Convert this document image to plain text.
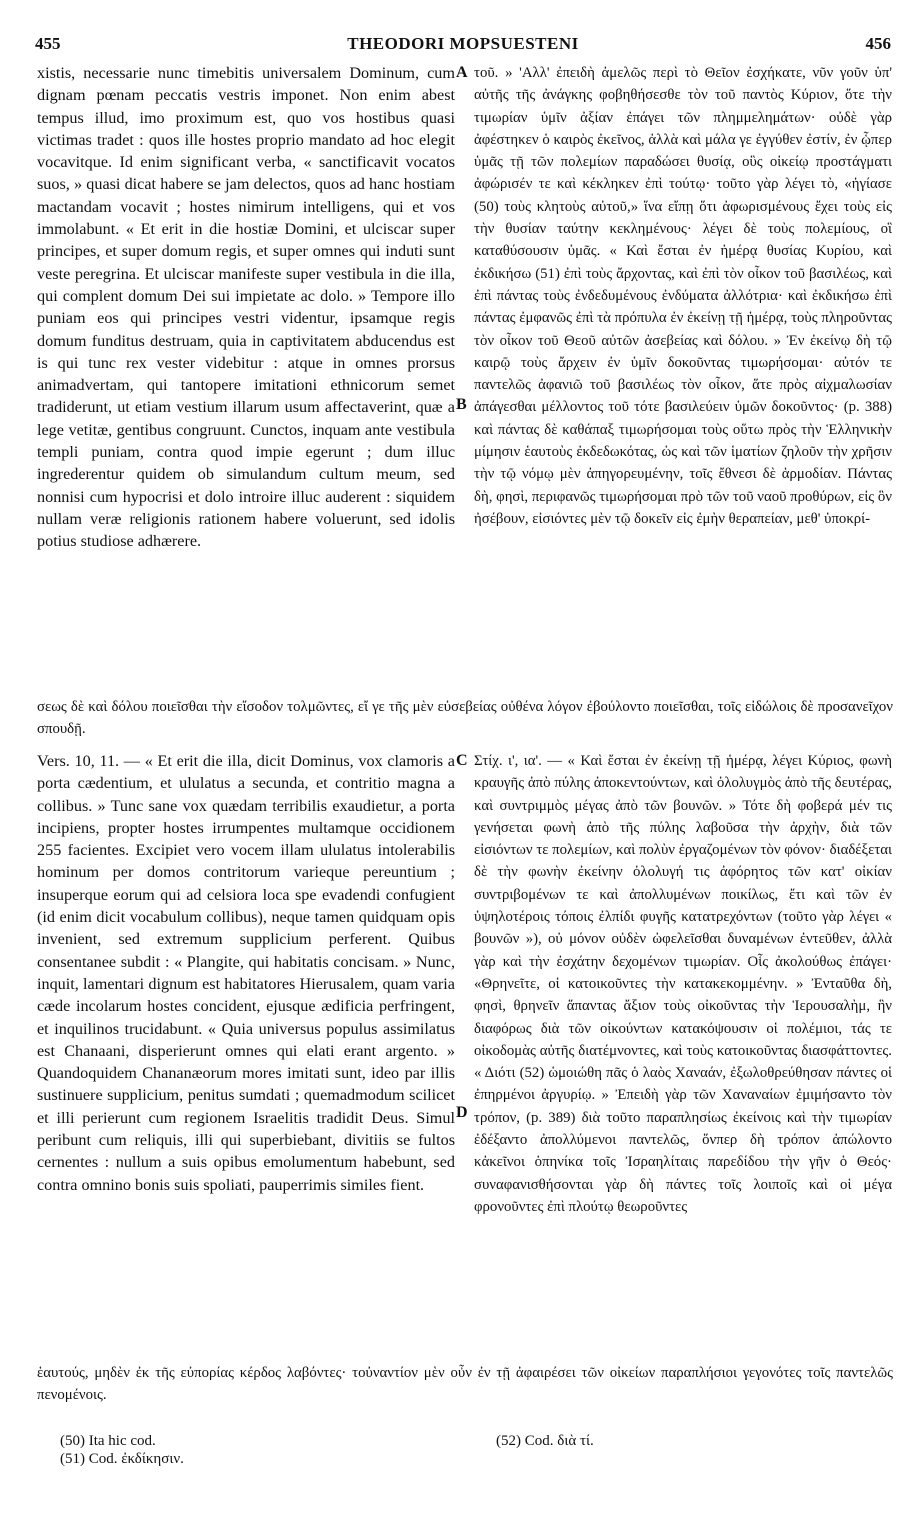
455	THEODORI MOPSUESTENI	456
xistis, necessarie nunc timebitis universalem Dominum, cum dignam pœnam peccatis vestris imponet. Non enim abest tempus illud, imo proximum est, quo vos hostibus quasi victimas tradet : quos ille hostes proprio mandato ad hoc elegit vocavitque. Id enim significant verba, « sanctificavit vocatos suos, » quasi dicat habere se jam delectos, quos ad hanc hostiam mactandam vocavit ; hostes nimirum intelligens, qui et vos immolabunt. « Et erit in die hostiæ Domini, et ulciscar super principes, et super domum regis, et super omnes qui induti sunt veste peregrina. Et ulciscar manifeste super vestibula in die illa, qui complent domum Dei sui impietate ac dolo. » Tempore illo puniam eos qui principes vestri videntur, ipsamque regis domum funditus destruam, quia in captivitatem abducendus est is qui tunc rex vester videbitur : atque in omnes prorsus animadvertam, qui tantopere imitationi ethnicorum semet tradiderunt, ut etiam vestium illarum usum affectaverint, quæ a lege vetitæ, gentibus congruunt. Cunctos, inquam ante vestibula templi puniam, contra quod impie egerunt ; dum illuc ingrederentur quidem ob simulandum cultum meum, sed nonnisi cum hypocrisi et dolo introire illuc auderent : siquidem nullam veræ religionis rationem habere voluerunt, sed idolis potius studiose adhærere.
τοῦ. » 'Αλλ' ἐπειδὴ ἀμελῶς περὶ τὸ Θεῖον ἐσχήκατε, νῦν γοῦν ὑπ' αὐτῆς τῆς ἀνάγκης φοβηθήσεσθε τὸν τοῦ παντὸς Κύριον, ὅτε τὴν τιμωρίαν ὑμῖν ἀξίαν ἐπάγει τῶν πλημμελημάτων· οὐδὲ γὰρ ἀφέστηκεν ὁ καιρὸς ἐκεῖνος, ἀλλὰ καὶ μάλα γε ἐγγύθεν ἐστίν, ἐν ᾧπερ ὑμᾶς τῇ τῶν πολεμίων παραδώσει θυσίᾳ, οὓς οἰκείῳ προστάγματι ἀφώρισέν τε καὶ κέκληκεν ἐπὶ τούτῳ· τοῦτο γὰρ λέγει τὸ, «ἡγίασε (50) τοὺς κλητοὺς αὐτοῦ,» ἵνα εἴπῃ ὅτι ἀφωρισμένους ἔχει τοὺς εἰς τὴν θυσίαν ταύτην κεκλημένους· λέγει δὲ τοὺς πολεμίους, οἳ καταθύσουσιν ὑμᾶς. « Καὶ ἔσται ἐν ἡμέρᾳ θυσίας Κυρίου, καὶ ἐκδικήσω (51) ἐπὶ τοὺς ἄρχοντας, καὶ ἐπὶ τὸν οἶκον τοῦ βασιλέως, καὶ ἐπὶ πάντας τοὺς ἐνδεδυμένους ἐνδύματα ἀλλότρια· καὶ ἐκδικήσω ἐπὶ πάντας ἐμφανῶς ἐπὶ τὰ πρόπυλα ἐν ἐκείνῃ τῇ ἡμέρᾳ, τοὺς πληροῦντας τὸν οἶκον τοῦ Θεοῦ αὐτῶν ἀσεβείας καὶ δόλου. » Ἐν ἐκείνῳ δὴ τῷ καιρῷ τοὺς ἄρχειν ἐν ὑμῖν δοκοῦντας τιμωρήσομαι· αὐτόν τε παντελῶς ἀφανιῶ τοῦ βασιλέως τὸν οἶκον, ἅτε πρὸς αἰχμαλωσίαν ἀπάγεσθαι μέλλοντος τοῦ τότε βασιλεύειν ὑμῶν δοκοῦντος· (p. 388) καὶ πάντας δὲ καθάπαξ τιμωρήσομαι τοὺς οὕτω πρὸς τὴν Ἑλληνικὴν μίμησιν ἑαυτοὺς ἐκδεδωκότας, ὡς καὶ τῶν ἱματίων ζηλοῦν τὴν χρῆσιν τὴν τῷ νόμῳ μὲν ἀπηγορευμένην, τοῖς ἔθνεσι δὲ ἁρμοδίαν. Πάντας δὴ, φησὶ, περιφανῶς τιμωρήσομαι πρὸ τῶν τοῦ ναοῦ προθύρων, εἰς ὃν ἠσέβουν, εἰσιόντες μὲν τῷ δοκεῖν εἰς ἐμὴν θεραπείαν, μεθ' ὑποκρί-
σεως δὲ καὶ δόλου ποιεῖσθαι τὴν εἴσοδον τολμῶντες, εἴ γε τῆς μὲν εὐσεβείας οὐθένα λόγον ἐβούλοντο ποιεῖσθαι, τοῖς εἰδώλοις δὲ προσανεῖχον σπουδῇ.
Vers. 10, 11. — « Et erit die illa, dicit Dominus, vox clamoris a porta cædentium, et ululatus a secunda, et contritio magna a collibus. » Tunc sane vox quædam terribilis exaudietur, a porta incipiens, propter hostes irrumpentes multamque occidionem 255 facientes. Excipiet vero vocem illam ululatus intolerabilis hominum per domos contritorum varieque pereuntium ; insuperque eorum qui ad celsiora loca spe evadendi confugient (id enim dicit vocabulum collibus), neque tamen quidquam opis invenient, sed extremum supplicium perferent. Quibus consentanee subdit : « Plangite, qui habitatis concisam. » Nunc, inquit, lamentari dignum est habitatores Hierusalem, quam varia cæde incolarum hostes concident, ejusque ædificia perfringent, et inquilinos trucidabunt. « Quia universus populus assimilatus est Chanaani, disperierunt omnes qui elati erant argento. » Quandoquidem Chananæorum mores imitati sunt, ideo par illis sustinuere supplicium, penitus sumdati ; quemadmodum scilicet et illi perierunt cum regionem Israelitis tradidit Deus. Simul peribunt cum reliquis, illi qui superbiebant, divitiis se fultos cernentes : nullum a suis opibus emolumentum habebunt, sed contra omnino bonis suis spoliati, pauperrimis similes fient.
Στίχ. ι', ια'. — « Καὶ ἔσται ἐν ἐκείνῃ τῇ ἡμέρᾳ, λέγει Κύριος, φωνὴ κραυγῆς ἀπὸ πύλης ἀποκεντούντων, καὶ ὀλολυγμὸς ἀπὸ τῆς δευτέρας, καὶ συντριμμὸς μέγας ἀπὸ τῶν βουνῶν. » Τότε δὴ φοβερά μέν τις γενήσεται φωνὴ ἀπὸ τῆς πύλης λαβοῦσα τὴν ἀρχὴν, διὰ τῶν εἰσιόντων τε πολεμίων, καὶ πολὺν ἐργαζομένων τὸν φόνον· διαδέξεται δὲ τὴν φωνὴν ἐκείνην ὀλολυγή τις ἀφόρητος τῶν κατ' οἰκίαν συντριβομένων τε καὶ ἀπολλυμένων ποικίλως, ἔτι καὶ τῶν ἐν ὑψηλοτέροις τόποις ἐλπίδι φυγῆς κατατρεχόντων (τοῦτο γὰρ λέγει « βουνῶν »), οὐ μόνον οὐδὲν ὠφελεῖσθαι δυναμένων ἐντεῦθεν, ἀλλὰ γὰρ καὶ τὴν ἐσχάτην δεχομένων τιμωρίαν. Οἷς ἀκολούθως ἐπάγει· «Θρηνεῖτε, οἱ κατοικοῦντες τὴν κατακεκομμένην. » Ἐνταῦθα δὴ, φησὶ, θρηνεῖν ἅπαντας ἄξιον τοὺς οἰκοῦντας τὴν Ἱερουσαλὴμ, ἣν διαφόρως διὰ τῶν οἰκούντων κατακόψουσιν οἱ πολέμιοι, τάς τε οἰκοδομὰς αὐτῆς διατέμνοντες, καὶ τοὺς κατοικοῦντας διασφάττοντες. « Διότι (52) ὡμοιώθη πᾶς ὁ λαὸς Χαναάν, ἐξωλοθρεύθησαν πάντες οἱ ἐπηρμένοι ἀργυρίῳ. » Ἐπειδὴ γὰρ τῶν Χαναναίων ἐμιμήσαντο τὸν τρόπον, (p. 389) διὰ τοῦτο παραπλησίως ἐκείνοις καὶ τὴν τιμωρίαν ἐδέξαντο ἀπολλύμενοι παντελῶς, ὅνπερ δὴ τρόπον ἀπώλοντο κἀκεῖνοι ὁπηνίκα τοῖς Ἰσραηλίταις παρεδίδου τὴν γῆν ὁ Θεός· συναφανισθήσονται γὰρ δὴ πάντες τοῖς λοιποῖς καὶ οἱ μέγα φρονοῦντες ἐπὶ πλούτῳ θεωροῦντες
ἑαυτούς, μηδὲν ἐκ τῆς εὐπορίας κέρδος λαβόντες· τοὐναντίον μὲν οὖν ἐν τῇ ἀφαιρέσει τῶν οἰκείων παραπλήσιοι γεγονότες τοῖς παντελῶς πενομένοις.
A
B
C
D
(50) Ita hic cod.
(51) Cod. ἐκδίκησιν.
(52) Cod. διὰ τί.
